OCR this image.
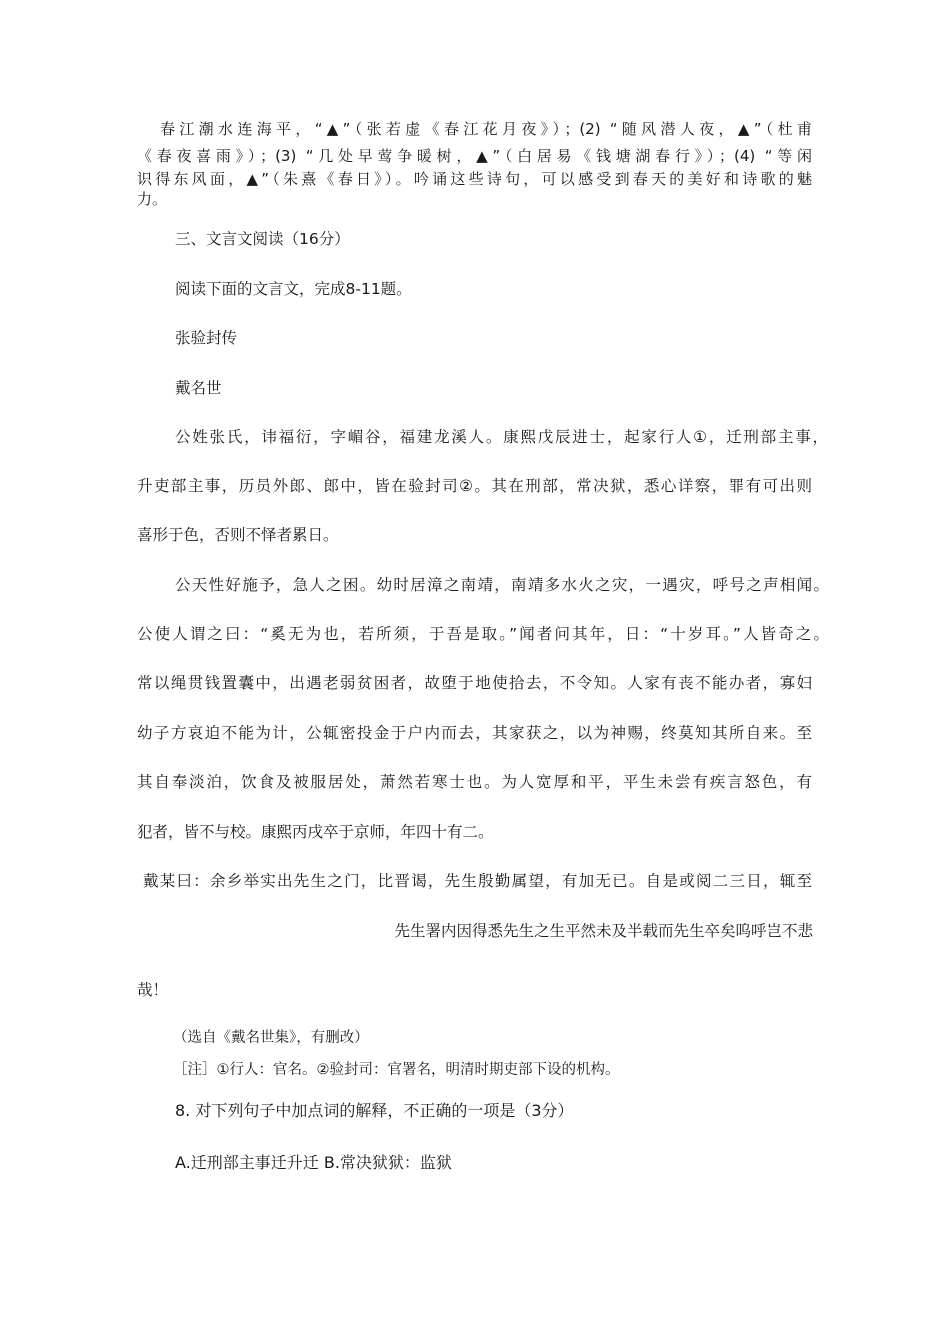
春江潮水连海平，“▲”（张若虚《春江花月夜》）；(2) “随风潜人夜，▲”（杜甫
《春夜喜雨》）；(3) “几处早莺争暖树，▲”（白居易《钱塘湖春行》）；(4) “等闲
识得东风面，▲”（朱熹《春日》）。吟诵这些诗句，可以感受到春天的美好和诗歌的魅
力。
三、文言文阅读（16分）
阅读下面的文言文，完成8-11题。
张验封传
戴名世
公姓张氏，讳福衍，字嵋谷，福建龙溪人。康熙戊辰进士，起家行人①，迁刑部主事，
升吏部主事，历员外郎、郎中，皆在验封司②。其在刑部，常决狱，悉心详察，罪有可出则
喜形于色，否则不怿者累日。
公天性好施予，急人之困。幼时居漳之南靖，南靖多水火之灾，一遇灾，呼号之声相闻。
公使人谓之曰：“奚无为也，若所须，于吾是取。”闻者问其年，日：“十岁耳。”人皆奇之。
常以绳贯钱置囊中，出遇老弱贫困者，故堕于地使拾去，不令知。人家有丧不能办者，寡妇
幼子方哀迫不能为计，公辄密投金于户内而去，其家获之，以为神赐，终莫知其所自来。至
其自奉淡泊，饮食及被服居处，萧然若寒士也。为人宽厚和平，平生未尝有疾言怒色，有
犯者，皆不与校。康熙丙戌卒于京师，年四十有二。
戴某曰：余乡举实出先生之门，比晋谒，先生殷勤属望，有加无已。自是或阅二三日，辄至
先生署内因得悉先生之生平然未及半载而先生卒矣呜呼岂不悲
哉！
（选自《戴名世集》，有删改）
［注］①行人：官名。②验封司：官署名，明清时期吏部下设的机构。
8. 对下列句子中加点词的解释，不正确的一项是（3分）
A.迁刑部主事迁升迁 B.常决狱狱：监狱
